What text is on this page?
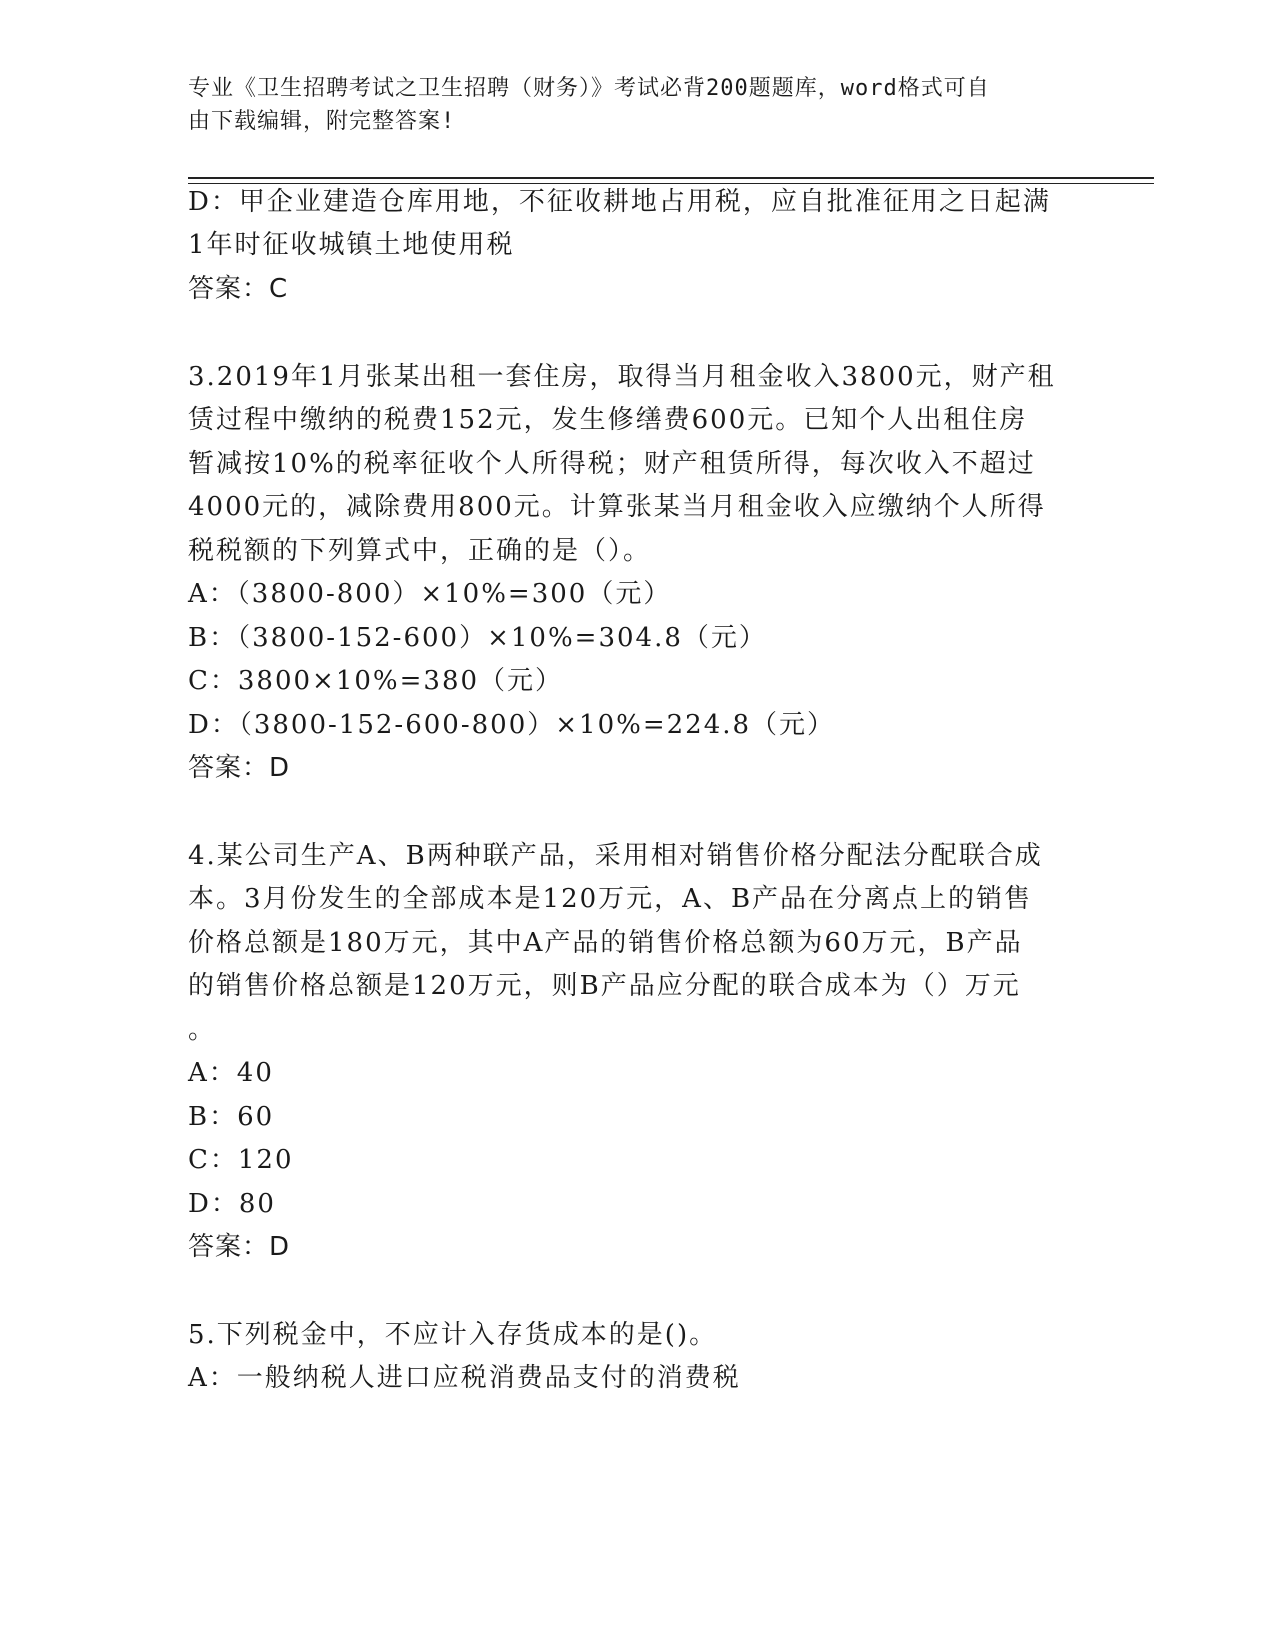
专业《卫生招聘考试之卫生招聘（财务）》考试必背200题题库，word格式可自
由下载编辑，附完整答案!
D：甲企业建造仓库用地，不征收耕地占用税，应自批准征用之日起满
1年时征收城镇土地使用税
答案：C
3.2019年1月张某出租一套住房，取得当月租金收入3800元，财产租
赁过程中缴纳的税费152元，发生修缮费600元。已知个人出租住房
暂减按10%的税率征收个人所得税；财产租赁所得，每次收入不超过
4000元的，减除费用800元。计算张某当月租金收入应缴纳个人所得
税税额的下列算式中，正确的是（）。
A：（3800-800）×10%=300（元）
B：（3800-152-600）×10%=304.8（元）
C：3800×10%=380（元）
D：（3800-152-600-800）×10%=224.8（元）
答案：D
4.某公司生产A、B两种联产品，采用相对销售价格分配法分配联合成
本。3月份发生的全部成本是120万元，A、B产品在分离点上的销售
价格总额是180万元，其中A产品的销售价格总额为60万元，B产品
的销售价格总额是120万元，则B产品应分配的联合成本为（）万元
。
A：40
B：60
C：120
D：80
答案：D
5.下列税金中，不应计入存货成本的是()。
A：一般纳税人进口应税消费品支付的消费税
